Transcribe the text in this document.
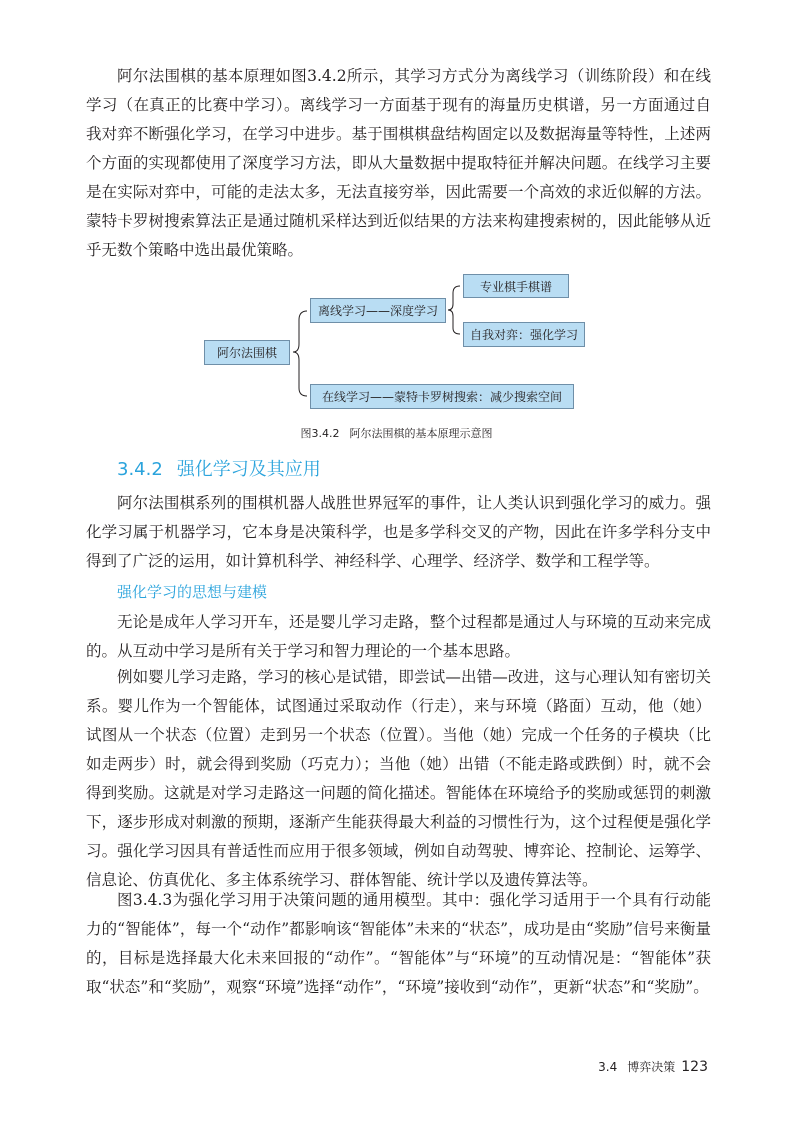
阿尔法围棋的基本原理如图3.4.2所示，其学习方式分为离线学习（训练阶段）和在线学习（在真正的比赛中学习）。离线学习一方面基于现有的海量历史棋谱，另一方面通过自我对弈不断强化学习，在学习中进步。基于围棋棋盘结构固定以及数据海量等特性，上述两个方面的实现都使用了深度学习方法，即从大量数据中提取特征并解决问题。在线学习主要是在实际对弈中，可能的走法太多，无法直接穷举，因此需要一个高效的求近似解的方法。蒙特卡罗树搜索算法正是通过随机采样达到近似结果的方法来构建搜索树的，因此能够从近乎无数个策略中选出最优策略。

阿尔法围棋
离线学习——深度学习
专业棋手棋谱
自我对弈：强化学习
在线学习——蒙特卡罗树搜索：减少搜索空间
图3.4.2 阿尔法围棋的基本原理示意图
3.4.2 强化学习及其应用

阿尔法围棋系列的围棋机器人战胜世界冠军的事件，让人类认识到强化学习的威力。强化学习属于机器学习，它本身是决策科学，也是多学科交叉的产物，因此在许多学科分支中得到了广泛的运用，如计算机科学、神经科学、心理学、经济学、数学和工程学等。

强化学习的思想与建模

无论是成年人学习开车，还是婴儿学习走路，整个过程都是通过人与环境的互动来完成的。从互动中学习是所有关于学习和智力理论的一个基本思路。

例如婴儿学习走路，学习的核心是试错，即尝试—出错—改进，这与心理认知有密切关系。婴儿作为一个智能体，试图通过采取动作（行走），来与环境（路面）互动，他（她）试图从一个状态（位置）走到另一个状态（位置）。当他（她）完成一个任务的子模块（比如走两步）时，就会得到奖励（巧克力）；当他（她）出错（不能走路或跌倒）时，就不会得到奖励。这就是对学习走路这一问题的简化描述。智能体在环境给予的奖励或惩罚的刺激下，逐步形成对刺激的预期，逐渐产生能获得最大利益的习惯性行为，这个过程便是强化学习。强化学习因具有普适性而应用于很多领域，例如自动驾驶、博弈论、控制论、运筹学、信息论、仿真优化、多主体系统学习、群体智能、统计学以及遗传算法等。

图3.4.3为强化学习用于决策问题的通用模型。其中：强化学习适用于一个具有行动能力的“智能体”，每一个“动作”都影响该“智能体”未来的“状态”，成功是由“奖励”信号来衡量的，目标是选择最大化未来回报的“动作”。“智能体”与“环境”的互动情况是：“智能体”获取“状态”和“奖励”，观察“环境”选择“动作”，“环境”接收到“动作”，更新“状态”和“奖励”。

3.4 博弈决策 123
